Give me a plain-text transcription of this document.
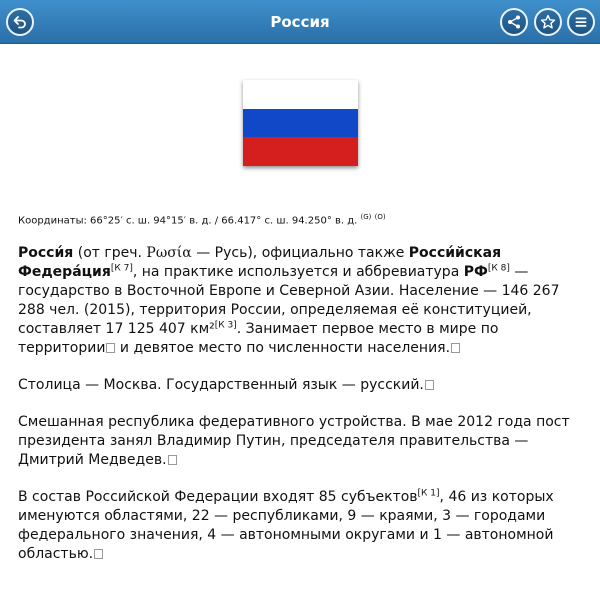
Россия
Координаты: 66°25′ с. ш. 94°15′ в. д. / 66.417° с. ш. 94.250° в. д. $^{(G)}$ $^{(O)}$

Росси́я (от греч. Ρωσία — Русь), официально также Росси́йская Федера́ция[К 7], на практике используется и аббревиатура РФ[К 8] — государство в Восточной Европе и Северной Азии. Население — 146 267 288 чел. (2015), территория России, определяемая её конституцией, составляет 17 125 407 км²[К 3]. Занимает первое место в мире по территории и девятое место по численности населения.

Столица — Москва. Государственный язык — русский.

Смешанная республика федеративного устройства. В мае 2012 года пост президента занял Владимир Путин, председателя правительства — Дмитрий Медведев.

В состав Российской Федерации входят 85 субъектов[К 1], 46 из которых именуются областями, 22 — республиками, 9 — краями, 3 — городами федерального значения, 4 — автономными округами и 1 — автономной областью.
